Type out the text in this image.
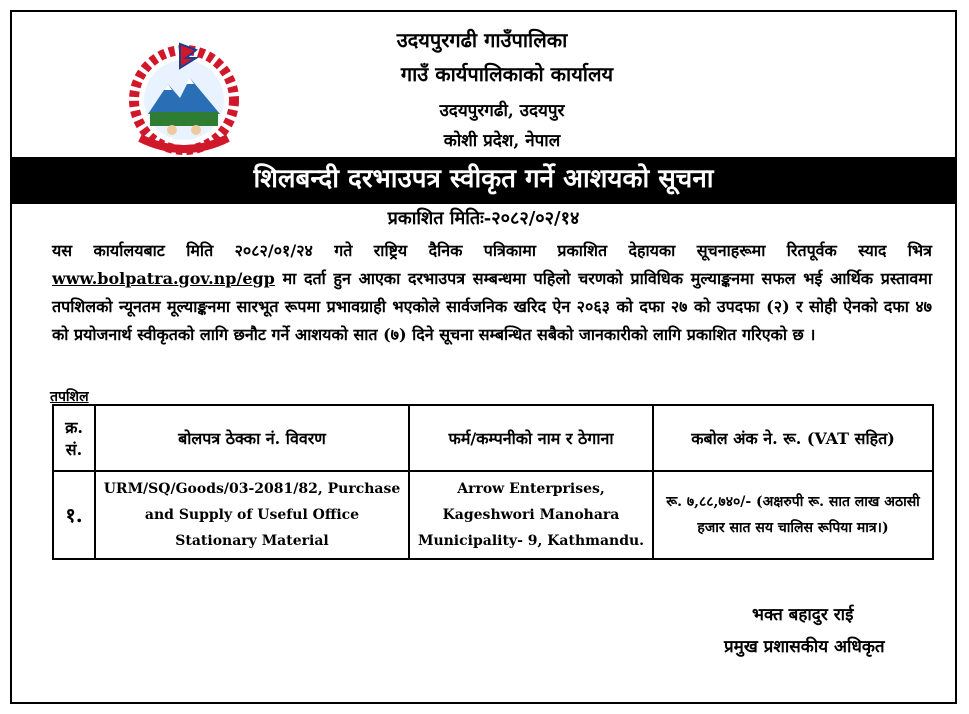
उदयपुरगढी गाउँपालिका
गाउँ कार्यपालिकाको कार्यालय
उदयपुरगढी, उदयपुर
कोशी प्रदेश, नेपाल
शिलबन्दी दरभाउपत्र स्वीकृत गर्ने आशयको सूचना
प्रकाशित मितिः-२०८२/०२/१४
यस कार्यालयबाट मिति २०८२/०१/२४ गते राष्ट्रिय दैनिक पत्रिकामा प्रकाशित देहायका सूचनाहरूमा रितपूर्वक स्याद भित्र www.bolpatra.gov.np/egp मा दर्ता हुन आएका दरभाउपत्र सम्बन्धमा पहिलो चरणको प्राविधिक मुल्याङ्कनमा सफल भई आर्थिक प्रस्तावमा तपशिलको न्यूनतम मूल्याङ्कनमा सारभूत रूपमा प्रभावग्राही भएकोले सार्वजनिक खरिद ऐन २०६३ को दफा २७ को उपदफा (२) र सोही ऐनको दफा ४७ को प्रयोजनार्थ स्वीकृतको लागि छनौट गर्ने आशयको सात (७) दिने सूचना सम्बन्धित सबैको जानकारीको लागि प्रकाशित गरिएको छ ।
तपशिल
क्र. सं.	बोलपत्र ठेक्का नं. विवरण	फर्म/कम्पनीको नाम र ठेगाना	कबोल अंक ने. रू. (VAT सहित)
१.	URM/SQ/Goods/03-2081/82, Purchase and Supply of Useful Office Stationary Material	Arrow Enterprises, Kageshwori Manohara Municipality- 9, Kathmandu.	रू. ७,८८,७४०/- (अक्षरुपी रू. सात लाख अठासी हजार सात सय चालिस रूपिया मात्र।)
भक्त बहादुर राई
प्रमुख प्रशासकीय अधिकृत
